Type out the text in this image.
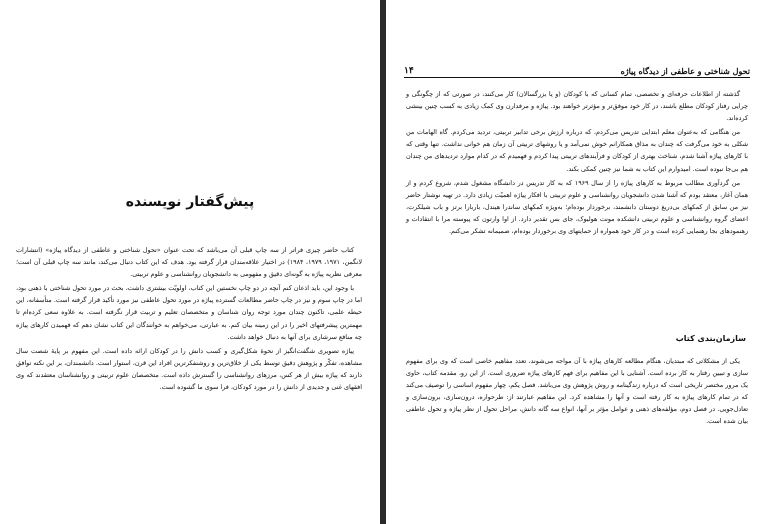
پیش‌گفتار نویسنده

کتاب حاضر چیزی فراتر از سه چاپ قبلی آن می‌باشد که تحت عنوان «تحول شناختی و عاطفی از دیدگاه پیاژه» (انتشارات لانگمن، ۱۹۷۱، ۱۹۷۹، ۱۹۸۴) در اختیار علاقه‌مندان قرار گرفته بود. هدف که این کتاب دنبال می‌کند، مانند سه چاپ قبلی آن است؛ معرفی نظریه پیاژه به گونه‌ای دقیق و مفهومی به دانشجویان روانشناسی و علوم تربیتی.

با وجود این، باید اذعان کنم آنچه در دو چاپ نخستین این کتاب، اولویّت بیشتری داشت، بحث در مورد تحول شناختی با ذهنی بود، اما در چاپ سوم و نیز در چاپ حاضر مطالعات گسترده پیاژه در مورد تحول عاطفی نیز مورد تأکید قرار گرفته است. متأسفانه، این حیطه علمی، تاکنون چندان مورد توجه روان شناسان و متخصصان تعلیم و تربیت قرار نگرفته است. به علاوه سعی کرده‌ام تا مهمترین پیشرفتهای اخیر را در این زمینه بیان کنم. به عبارتی، می‌خواهم به خوانندگان این کتاب نشان دهم که فهمیدن کارهای پیاژه چه منافع سرشاری برای آنها به دنبال خواهد داشت.

پیاژه تصویری شگفت‌انگیز از نحوهٔ شکل‌گیری و کسب دانش را در کودکان ارائه داده است. این مفهوم بر پایهٔ شصت سال مشاهده، تفکّر و پژوهش دقیق توسط یکی از خلاق‌ترین و روشنفکرترین افراد این قرن، استوار است. دانشمندان، بر این نکته توافق دارند که پیاژه بیش از هر کس، مرزهای روانشناسی را گسترش داده است. متخصصان علوم تربیتی و روانشناسان معتقدند که وی افقهای غنی و جدیدی از دانش را در مورد کودکان، فرا سوی ما گشوده است.

تحول شناختی و عاطفی از دیدگاه پیاژه
۱۴

گذشته از اطلاعات حرفه‌ای و تخصصی، تمام کسانی که با کودکان (و یا بزرگسالان) کار می‌کنند، در صورتی که از چگونگی و چرایی رفتار کودکان مطلع باشند، در کار خود موفق‌تر و مؤثرتر خواهند بود. پیاژه و مرفدارن وی کمک زیادی به کسب چنین بینشی کرده‌اند.

من هنگامی که به‌عنوان معلم ابتدایی تدریس می‌کردم، که درباره ارزش برخی تدابیر تربیتی، تردید می‌کردم. گاه الهامات من شکلی به خود می‌گرفت که چندان به مذاق همکارانم خوش نمی‌آمد و یا روشهای تربیتی آن زمان هم خوانی نداشت. تنها وقتی که با کارهای پیاژه آشنا شدم، شناخت بهتری از کودکان و فرآیندهای تربیتی پیدا کردم و فهمیدم که در کدام موارد تردیدهای من چندان هم بی‌جا نبوده است. امیدوارم این کتاب به شما نیز چنین کمکی بکند.

من گردآوری مطالب مربوط به کارهای پیاژه را از سال ۱۹۶۹ که به کار تدریس در دانشگاه مشغول شدم، شروع کردم و از همان آغاز، معتقد بودم که آشنا شدن دانشجویان روانشناسی و علوم تربیتی با افکار پیاژه اهمیّت زیادی دارد. در تهیه نوشتار حاضر نیز من سابق از کمکهای بی‌دریغ دوستان دانشمند، برخوردار بوده‌ام؛ به‌ویژه کمکهای ساندرا هیندل، باربارا برتز و باب شیلکرت، اعضای گروه روانشناسی و علوم تربیتی دانشکده مونت هولیوک، جای بس تقدیر دارد. از اوا وارتون که پیوسته مرا با انتقادات و رهنمودهای بجا رهنمایی کرده است و در کار خود همواره از حمایتهای وی برخوردار بوده‌ام، صمیمانه تشکر می‌کنم.

سازمان‌بندی کتاب

یکی از مشکلاتی که مبتدیان، هنگام مطالعه کارهای پیاژه با آن مواجه می‌شوند، تعدد مفاهیم خاصی است که وی برای مفهوم سازی و تبیین رفتار به کار برده است. آشنایی با این مفاهیم برای فهم کارهای پیاژه ضروری است. از این رو، مقدمه کتاب، حاوی یک مرور مختصر تاریخی است که درباره زندگینامه و روش پژوهش وی می‌باشد. فصل یکم، چهار مفهوم اساسی را توصیف می‌کند که در تمام کارهای پیاژه به کار رفته است و آنها را مشاهده کرد. این مفاهیم عبارتند از: طرحواره، درون‌سازی، برون‌سازی و تعادل‌جویی. در فصل دوم، مؤلفه‌های ذهنی و عوامل مؤثر بر آنها، انواع سه گانه دانش، مراحل تحول از نظر پیاژه و تحول عاطفی بیان شده است.
